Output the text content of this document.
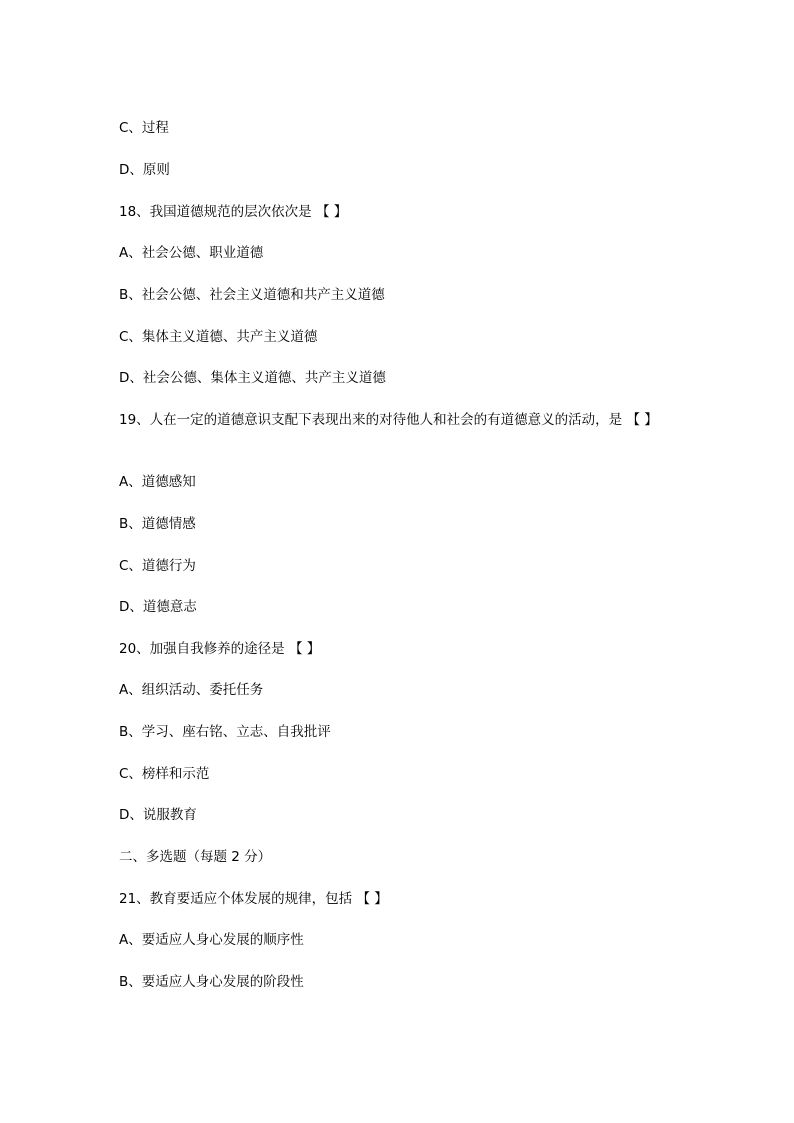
C、过程
D、原则
18、我国道德规范的层次依次是 【 】
A、社会公德、职业道德
B、社会公德、社会主义道德和共产主义道德
C、集体主义道德、共产主义道德
D、社会公德、集体主义道德、共产主义道德
19、人在一定的道德意识支配下表现出来的对待他人和社会的有道德意义的活动，是 【 】
A、道德感知
B、道德情感
C、道德行为
D、道德意志
20、加强自我修养的途径是 【 】
A、组织活动、委托任务
B、学习、座右铭、立志、自我批评
C、榜样和示范
D、说服教育
二、多选题（每题 2 分）
21、教育要适应个体发展的规律，包括 【 】
A、要适应人身心发展的顺序性
B、要适应人身心发展的阶段性
